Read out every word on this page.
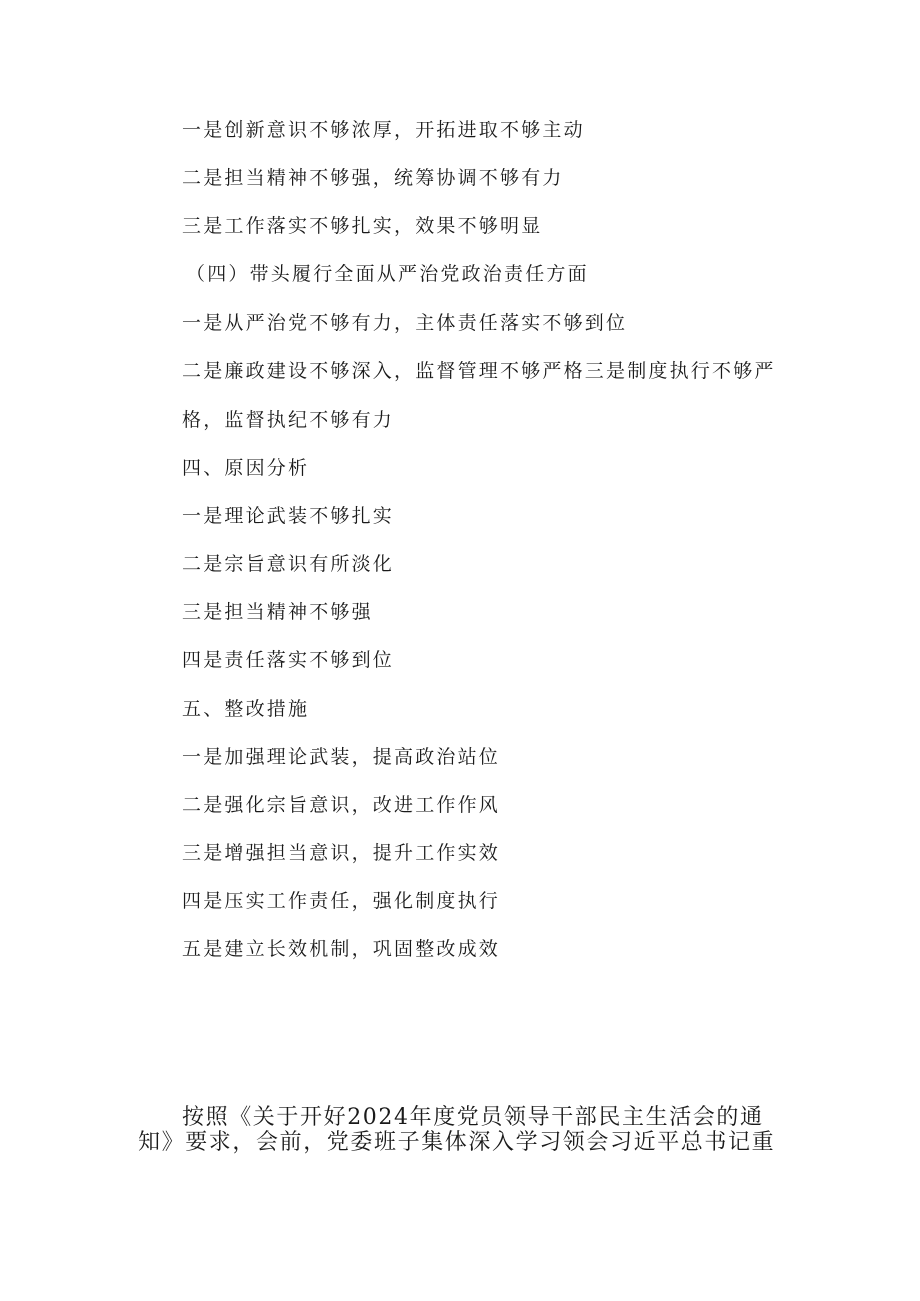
一是创新意识不够浓厚，开拓进取不够主动
二是担当精神不够强，统筹协调不够有力
三是工作落实不够扎实，效果不够明显
（四）带头履行全面从严治党政治责任方面
一是从严治党不够有力，主体责任落实不够到位
二是廉政建设不够深入，监督管理不够严格三是制度执行不够严
格，监督执纪不够有力
四、原因分析
一是理论武装不够扎实
二是宗旨意识有所淡化
三是担当精神不够强
四是责任落实不够到位
五、整改措施
一是加强理论武装，提高政治站位
二是强化宗旨意识，改进工作作风
三是增强担当意识，提升工作实效
四是压实工作责任，强化制度执行
五是建立长效机制，巩固整改成效
按照《关于开好2024年度党员领导干部民主生活会的通
知》要求，会前，党委班子集体深入学习领会习近平总书记重
